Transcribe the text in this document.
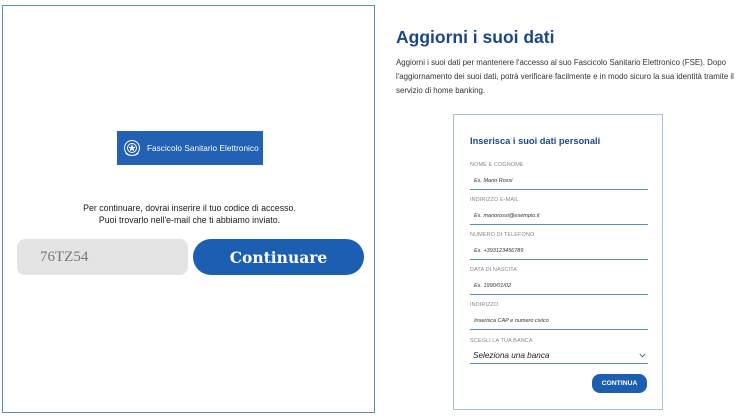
Fascicolo Sanitario Elettronico
Per continuare, dovrai inserire il tuo codice di accesso.
Puoi trovarlo nell'e-mail che ti abbiamo inviato.
76TZ54
Continuare
Aggiorni i suoi dati

Aggiorni i suoi dati per mantenere l'accesso al suo Fascicolo Sanitario Elettronico (FSE). Dopo l'aggiornamento dei suoi dati, potrà verificare facilmente e in modo sicuro la sua identità tramite il servizio di home banking.

Inserisca i suoi dati personali
NOME E COGNOME
Es. Mario Rossi
INDIRIZZO E-MAIL
Es. mariorossi@esempio.it
NUMERO DI TELEFONO
Es. +393123456789
DATA DI NASCITA
Es. 1990/01/02
INDIRIZZO
Inserisca CAP e numero civico
SCEGLI LA TUA BANCA
Seleziona una banca
CONTINUA
